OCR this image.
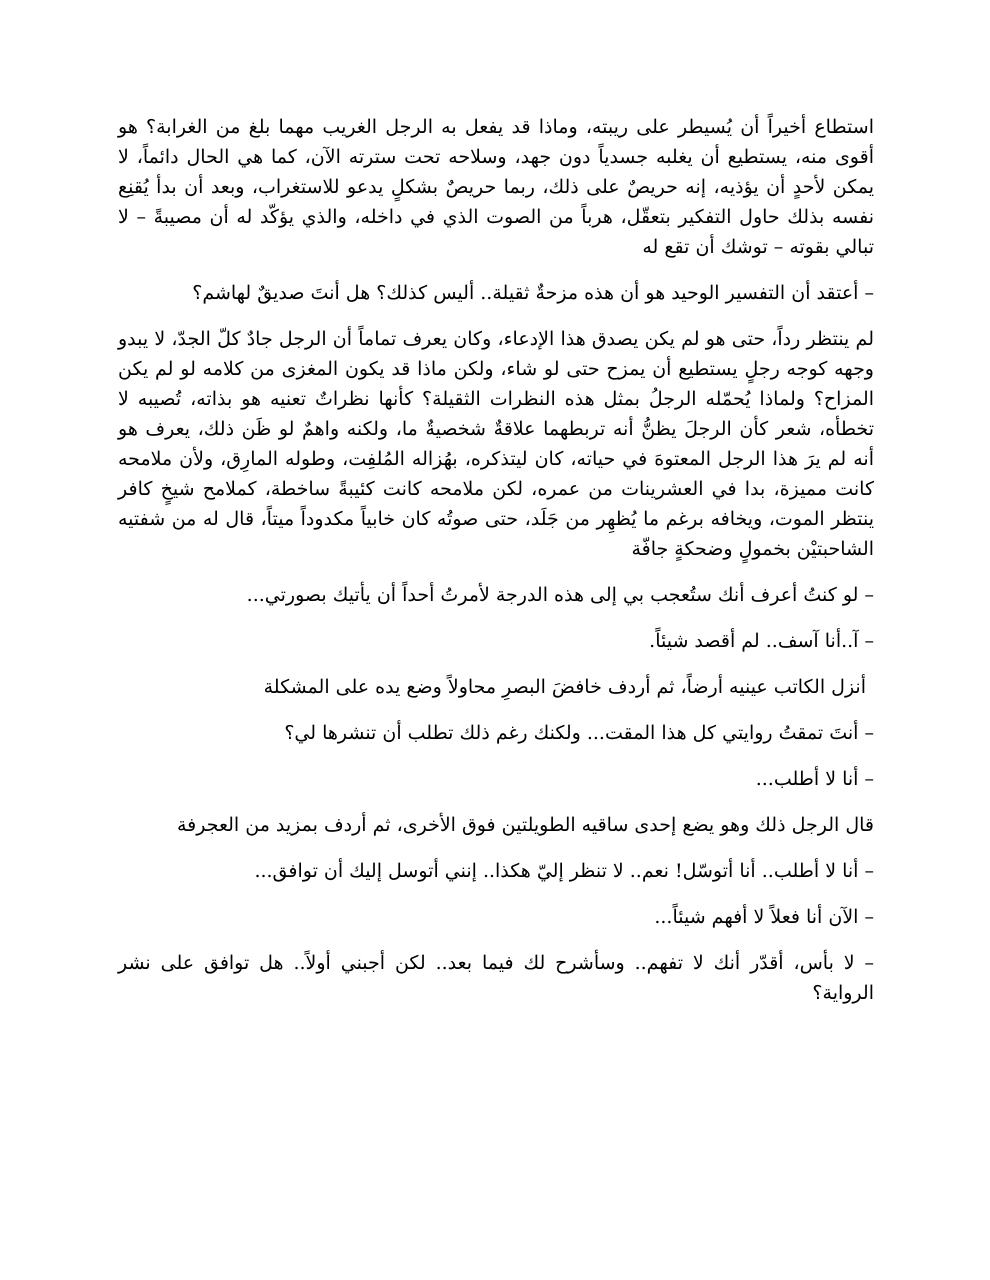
استطاع أخيراً أن يُسيطر على ريبته، وماذا قد يفعل به الرجل الغريب مهما بلغ من الغرابة؟ هو أقوى منه، يستطيع أن يغلبه جسدياً دون جهد، وسلاحه تحت سترته الآن، كما هي الحال دائماً، لا يمكن لأحدٍ أن يؤذيه، إنه حريصٌ على ذلك، ربما حريصٌ بشكلٍ يدعو للاستغراب، وبعد أن بدأ يُقنِع نفسه بذلك حاول التفكير بتعقّل، هرباً من الصوت الذي في داخله، والذي يؤكّد له أن مصيبةً – لا تبالي بقوته – توشك أن تقع له

– أعتقد أن التفسير الوحيد هو أن هذه مزحةٌ ثقيلة.. أليس كذلك؟ هل أنتَ صديقٌ لهاشم؟

لم ينتظر رداً، حتى هو لم يكن يصدق هذا الإدعاء، وكان يعرف تماماً أن الرجل جادٌ كلّ الجدّ، لا يبدو وجهه كوجه رجلٍ يستطيع أن يمزح حتى لو شاء، ولكن ماذا قد يكون المغزى من كلامه لو لم يكن المزاح؟ ولماذا يُحمّله الرجلُ بمثل هذه النظرات الثقيلة؟ كأنها نظراتٌ تعنيه هو بذاته، تُصيبه لا تخطأه، شعر كأن الرجلَ يظنُّ أنه تربطهما علاقةٌ شخصيةٌ ما، ولكنه واهمٌ لو ظَن ذلك، يعرف هو أنه لم يرَ هذا الرجل المعتوهَ في حياته، كان ليتذكره، بهُزاله المُلفِت، وطوله المارِق، ولأن ملامحه كانت مميزة، بدا في العشرينات من عمره، لكن ملامحه كانت كئيبةً ساخطة، كملامح شيخٍ كافر ينتظر الموت، ويخافه برغم ما يُظهِر من جَلَد، حتى صوتُه كان خابياً مكدوداً ميتاً، قال له من شفتيه الشاحبتيْن بخمولٍ وضحكةٍ جافّة

– لو كنتُ أعرف أنك ستُعجب بي إلى هذه الدرجة لأمرتُ أحداً أن يأتيك بصورتي...

– آ..أنا آسف.. لم أقصد شيئاً.

أنزل الكاتب عينيه أرضاً، ثم أردف خافضَ البصرِ محاولاً وضع يده على المشكلة

– أنتَ تمقتُ روايتي كل هذا المقت... ولكنك رغم ذلك تطلب أن تنشرها لي؟

– أنا لا أطلب...

قال الرجل ذلك وهو يضع إحدى ساقيه الطويلتين فوق الأخرى، ثم أردف بمزيد من العجرفة

– أنا لا أطلب.. أنا أتوسّل! نعم.. لا تنظر إليّ هكذا.. إنني أتوسل إليك أن توافق...

– الآن أنا فعلاً لا أفهم شيئاً...

– لا بأس، أقدّر أنك لا تفهم.. وسأشرح لك فيما بعد.. لكن أجبني أولاً.. هل توافق على نشر الرواية؟
